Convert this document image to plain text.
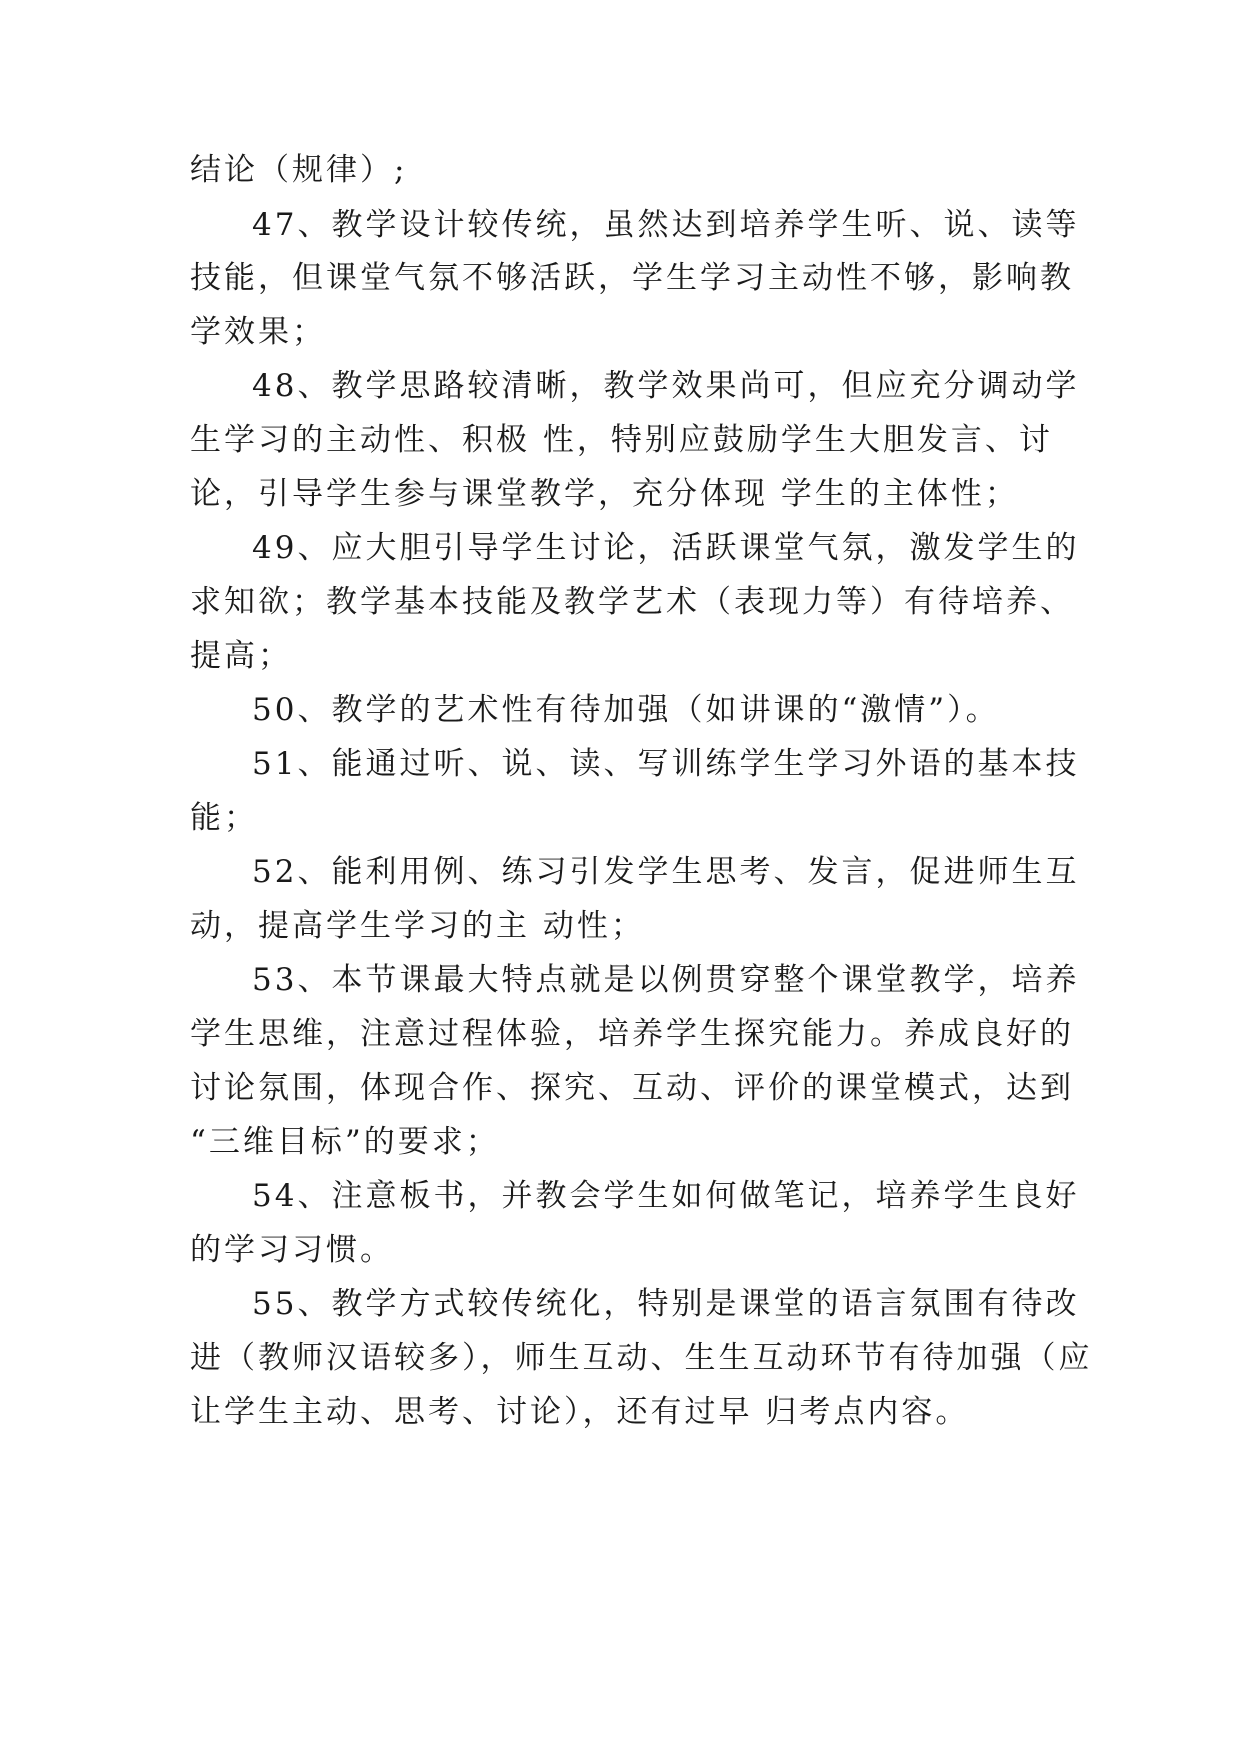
结论（规律）;
47、教学设计较传统，虽然达到培养学生听、说、读等
技能，但课堂气氛不够活跃，学生学习主动性不够，影响教
学效果；
48、教学思路较清晰，教学效果尚可，但应充分调动学
生学习的主动性、积极 性，特别应鼓励学生大胆发言、讨
论，引导学生参与课堂教学，充分体现 学生的主体性；
49、应大胆引导学生讨论，活跃课堂气氛，激发学生的
求知欲；教学基本技能及教学艺术（表现力等）有待培养、
提高；
50、教学的艺术性有待加强（如讲课的“激情”）。
51、能通过听、说、读、写训练学生学习外语的基本技
能；
52、能利用例、练习引发学生思考、发言，促进师生互
动，提高学生学习的主 动性；
53、本节课最大特点就是以例贯穿整个课堂教学，培养
学生思维，注意过程体验，培养学生探究能力。养成良好的
讨论氛围，体现合作、探究、互动、评价的课堂模式，达到
“三维目标”的要求；
54、注意板书，并教会学生如何做笔记，培养学生良好
的学习习惯。
55、教学方式较传统化，特别是课堂的语言氛围有待改
进（教师汉语较多），师生互动、生生互动环节有待加强（应
让学生主动、思考、讨论），还有过早 归考点内容。
